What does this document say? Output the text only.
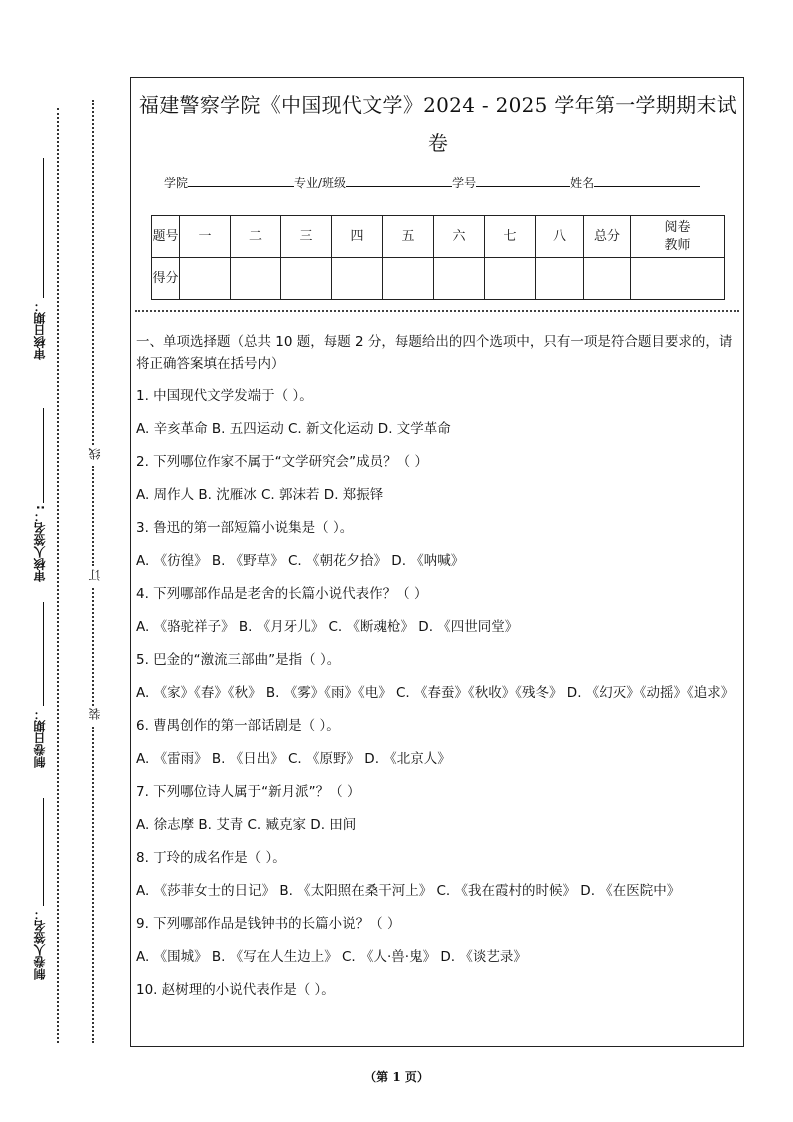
审核日期：
审核人签名：:
制卷日期：
制卷人签名：
线
订
装
福建警察学院《中国现代文学》2024 - 2025 学年第一学期期末试
卷
学院	专业/班级	学号	姓名
题号	一	二	三	四	五	六	七	八	总分	阅卷教师
得分										
一、单项选择题（总共 10 题，每题 2 分，每题给出的四个选项中，只有一项是符合题目要求的，请将正确答案填在括号内）
1. 中国现代文学发端于（ ）。
A. 辛亥革命 B. 五四运动 C. 新文化运动 D. 文学革命
2. 下列哪位作家不属于“文学研究会”成员？（ ）
A. 周作人 B. 沈雁冰 C. 郭沫若 D. 郑振铎
3. 鲁迅的第一部短篇小说集是（ ）。
A. 《彷徨》 B. 《野草》 C. 《朝花夕拾》 D. 《呐喊》
4. 下列哪部作品是老舍的长篇小说代表作？（ ）
A. 《骆驼祥子》 B. 《月牙儿》 C. 《断魂枪》 D. 《四世同堂》
5. 巴金的“激流三部曲”是指（ ）。
A. 《家》《春》《秋》 B. 《雾》《雨》《电》 C. 《春蚕》《秋收》《残冬》 D. 《幻灭》《动摇》《追求》
6. 曹禺创作的第一部话剧是（ ）。
A. 《雷雨》 B. 《日出》 C. 《原野》 D. 《北京人》
7. 下列哪位诗人属于“新月派”？（ ）
A. 徐志摩 B. 艾青 C. 臧克家 D. 田间
8. 丁玲的成名作是（ ）。
A. 《莎菲女士的日记》 B. 《太阳照在桑干河上》 C. 《我在霞村的时候》 D. 《在医院中》
9. 下列哪部作品是钱钟书的长篇小说？（ ）
A. 《围城》 B. 《写在人生边上》 C. 《人·兽·鬼》 D. 《谈艺录》
10. 赵树理的小说代表作是（ ）。
（第 1 页）
